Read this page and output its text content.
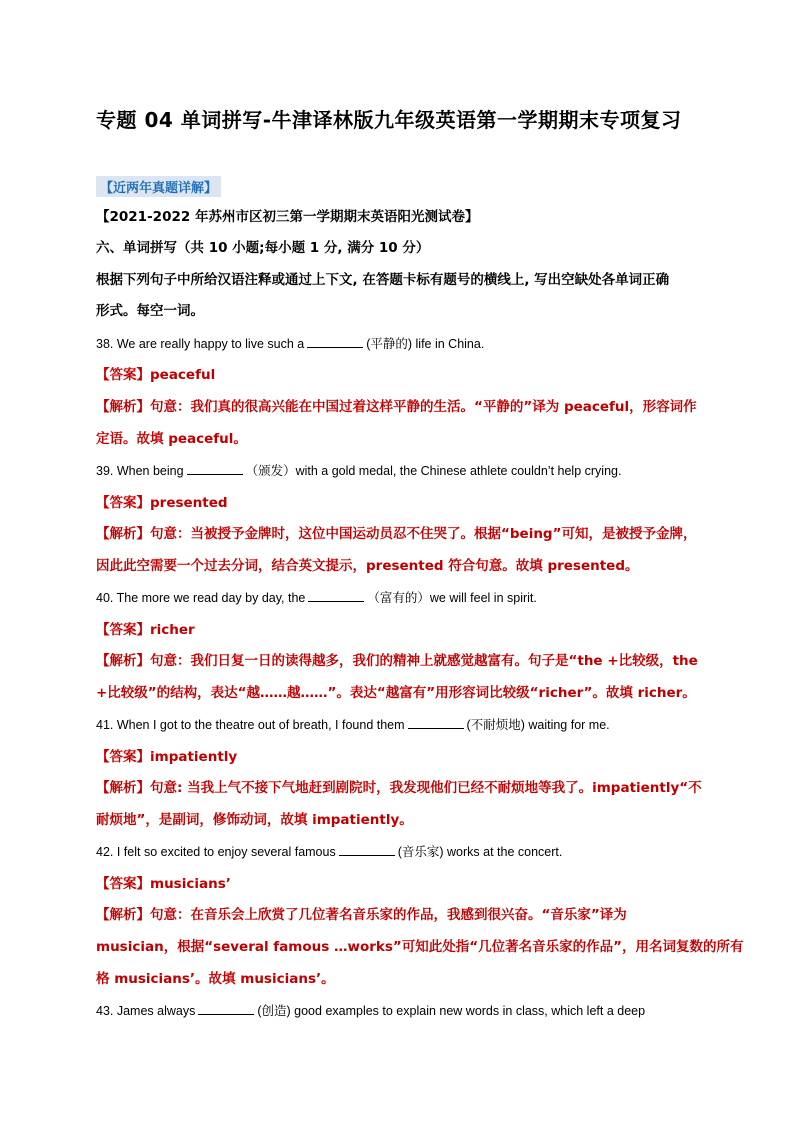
专题 04 单词拼写-牛津译林版九年级英语第一学期期末专项复习
【近两年真题详解】
【2021-2022 年苏州市区初三第一学期期末英语阳光测试卷】
六、单词拼写（共 10 小题;每小题 1 分, 满分 10 分）
根据下列句子中所给汉语注释或通过上下文, 在答题卡标有题号的横线上, 写出空缺处各单词正确
形式。每空一词。
38. We are really happy to live such a	(平静的) life in China.
【答案】peaceful
【解析】句意：我们真的很高兴能在中国过着这样平静的生活。“平静的”译为 peaceful，形容词作
定语。故填 peaceful。
39. When being	（颁发）with a gold medal, the Chinese athlete couldn’t help crying.
【答案】presented
【解析】句意：当被授予金牌时，这位中国运动员忍不住哭了。根据“being”可知，是被授予金牌，
因此此空需要一个过去分词，结合英文提示，presented 符合句意。故填 presented。
40. The more we read day by day, the	（富有的）we will feel in spirit.
【答案】richer
【解析】句意：我们日复一日的读得越多，我们的精神上就感觉越富有。句子是“the +比较级，the
+比较级”的结构，表达“越……越……”。表达“越富有”用形容词比较级“richer”。故填 richer。
41. When I got to the theatre out of breath, I found them	(不耐烦地) waiting for me.
【答案】impatiently
【解析】句意: 当我上气不接下气地赶到剧院时，我发现他们已经不耐烦地等我了。impatiently“不
耐烦地”，是副词，修饰动词，故填 impatiently。
42. I felt so excited to enjoy several famous	(音乐家) works at the concert.
【答案】musicians’
【解析】句意：在音乐会上欣赏了几位著名音乐家的作品，我感到很兴奋。“音乐家”译为
musician，根据“several famous …works”可知此处指“几位著名音乐家的作品”，用名词复数的所有
格 musicians’。故填 musicians’。
43. James always	(创造) good examples to explain new words in class, which left a deep
